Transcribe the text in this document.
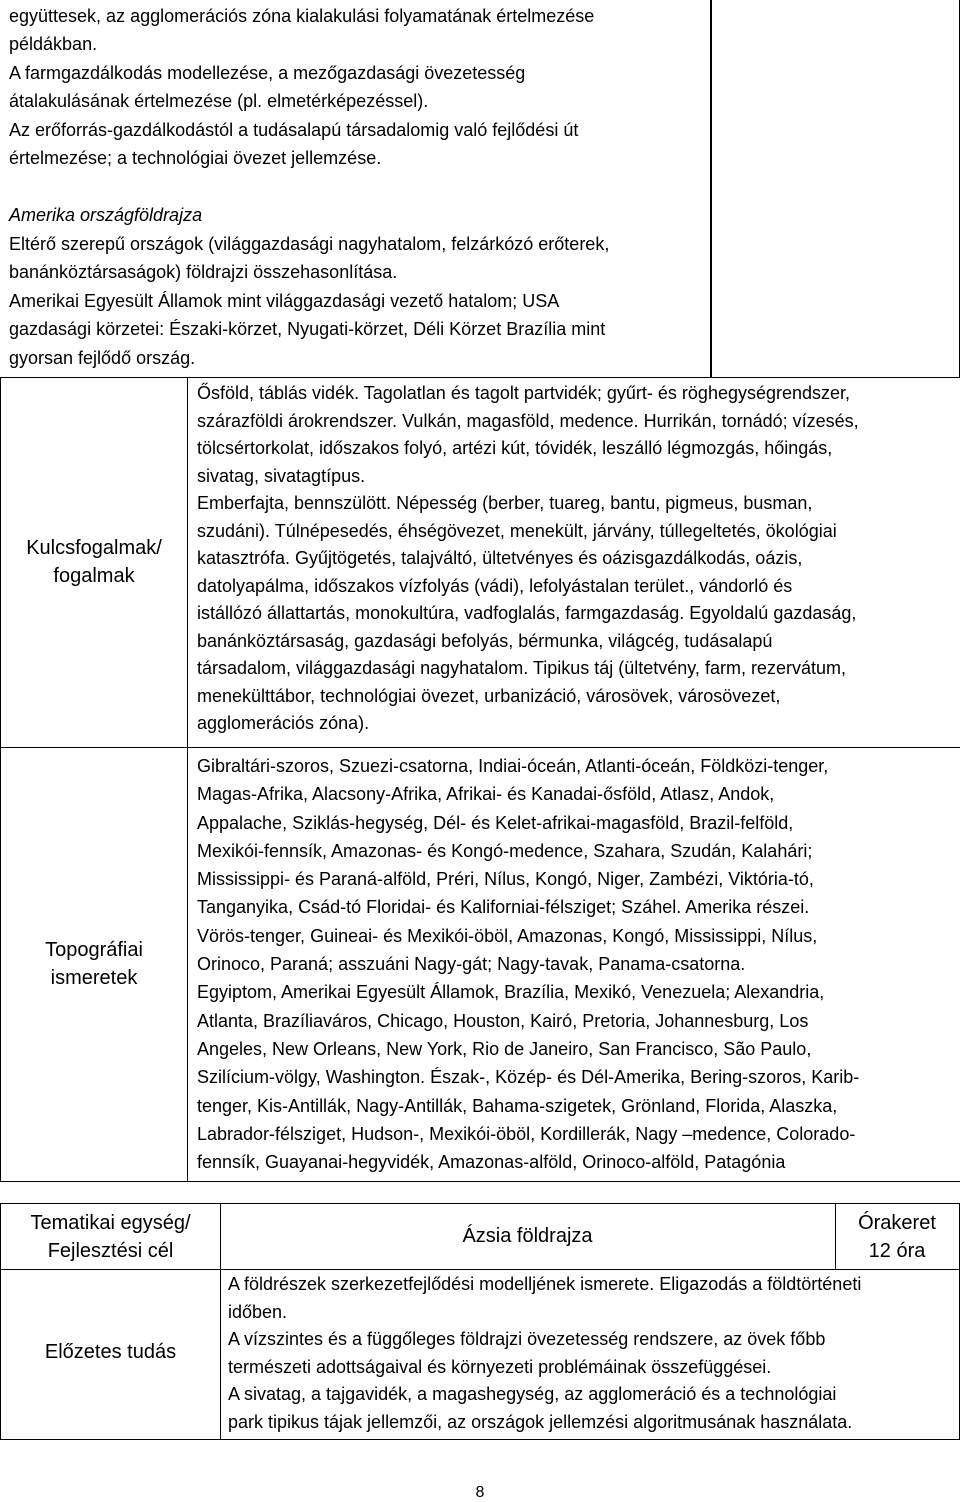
együttesek, az agglomerációs zóna kialakulási folyamatának értelmezése
példákban.
A farmgazdálkodás modellezése, a mezőgazdasági övezetesség
átalakulásának értelmezése (pl. elmetérképezéssel).
Az erőforrás-gazdálkodástól a tudásalapú társadalomig való fejlődési út
értelmezése; a technológiai övezet jellemzése.
Amerika országföldrajza
Eltérő szerepű országok (világgazdasági nagyhatalom, felzárkózó erőterek,
banánköztársaságok) földrajzi összehasonlítása.
Amerikai Egyesült Államok mint világgazdasági vezető hatalom; USA
gazdasági körzetei: Északi-körzet, Nyugati-körzet, Déli Körzet Brazília mint
gyorsan fejlődő ország.
Kulcsfogalmak/
fogalmak
Ősföld, táblás vidék. Tagolatlan és tagolt partvidék; gyűrt- és röghegységrendszer,
szárazföldi árokrendszer. Vulkán, magasföld, medence. Hurrikán, tornádó; vízesés,
tölcsértorkolat, időszakos folyó, artézi kút, tóvidék, leszálló légmozgás, hőingás,
sivatag, sivatagtípus.
Emberfajta, bennszülött. Népesség (berber, tuareg, bantu, pigmeus, busman,
szudáni). Túlnépesedés, éhségövezet, menekült, járvány, túllegeltetés, ökológiai
katasztrófa. Gyűjtögetés, talajváltó, ültetvényes és oázisgazdálkodás, oázis,
datolyapálma, időszakos vízfolyás (vádi), lefolyástalan terület., vándorló és
istállózó állattartás, monokultúra, vadfoglalás, farmgazdaság. Egyoldalú gazdaság,
banánköztársaság, gazdasági befolyás, bérmunka, világcég, tudásalapú
társadalom, világgazdasági nagyhatalom. Tipikus táj (ültetvény, farm, rezervátum,
menekülttábor, technológiai övezet, urbanizáció, városövek, városövezet,
agglomerációs zóna).
Topográfiai
ismeretek
Gibraltári-szoros, Szuezi-csatorna, Indiai-óceán, Atlanti-óceán, Földközi-tenger,
Magas-Afrika, Alacsony-Afrika, Afrikai- és Kanadai-ősföld, Atlasz, Andok,
Appalache, Sziklás-hegység, Dél- és Kelet-afrikai-magasföld, Brazil-felföld,
Mexikói-fennsík, Amazonas- és Kongó-medence, Szahara, Szudán, Kalahári;
Mississippi- és Paraná-alföld, Préri, Nílus, Kongó, Niger, Zambézi, Viktória-tó,
Tanganyika, Csád-tó Floridai- és Kaliforniai-félsziget; Száhel. Amerika részei.
Vörös-tenger, Guineai- és Mexikói-öböl, Amazonas, Kongó, Mississippi, Nílus,
Orinoco, Paraná; asszuáni Nagy-gát; Nagy-tavak, Panama-csatorna.
Egyiptom, Amerikai Egyesült Államok, Brazília, Mexikó, Venezuela; Alexandria,
Atlanta, Brazíliaváros, Chicago, Houston, Kairó, Pretoria, Johannesburg, Los
Angeles, New Orleans, New York, Rio de Janeiro, San Francisco, São Paulo,
Szilícium-völgy, Washington. Észak-, Közép- és Dél-Amerika, Bering-szoros, Karib-
tenger, Kis-Antillák, Nagy-Antillák, Bahama-szigetek, Grönland, Florida, Alaszka,
Labrador-félsziget, Hudson-, Mexikói-öböl, Kordillerák, Nagy –medence, Colorado-
fennsík, Guayanai-hegyvidék, Amazonas-alföld, Orinoco-alföld, Patagónia
Tematikai egység/
Fejlesztési cél
Ázsia földrajza
Órakeret
12 óra
Előzetes tudás
A földrészek szerkezetfejlődési modelljének ismerete. Eligazodás a földtörténeti
időben.
A vízszintes és a függőleges földrajzi övezetesség rendszere, az övek főbb
természeti adottságaival és környezeti problémáinak összefüggései.
A sivatag, a tajgavidék, a magashegység, az agglomeráció és a technológiai
park tipikus tájak jellemzői, az országok jellemzési algoritmusának használata.
8
